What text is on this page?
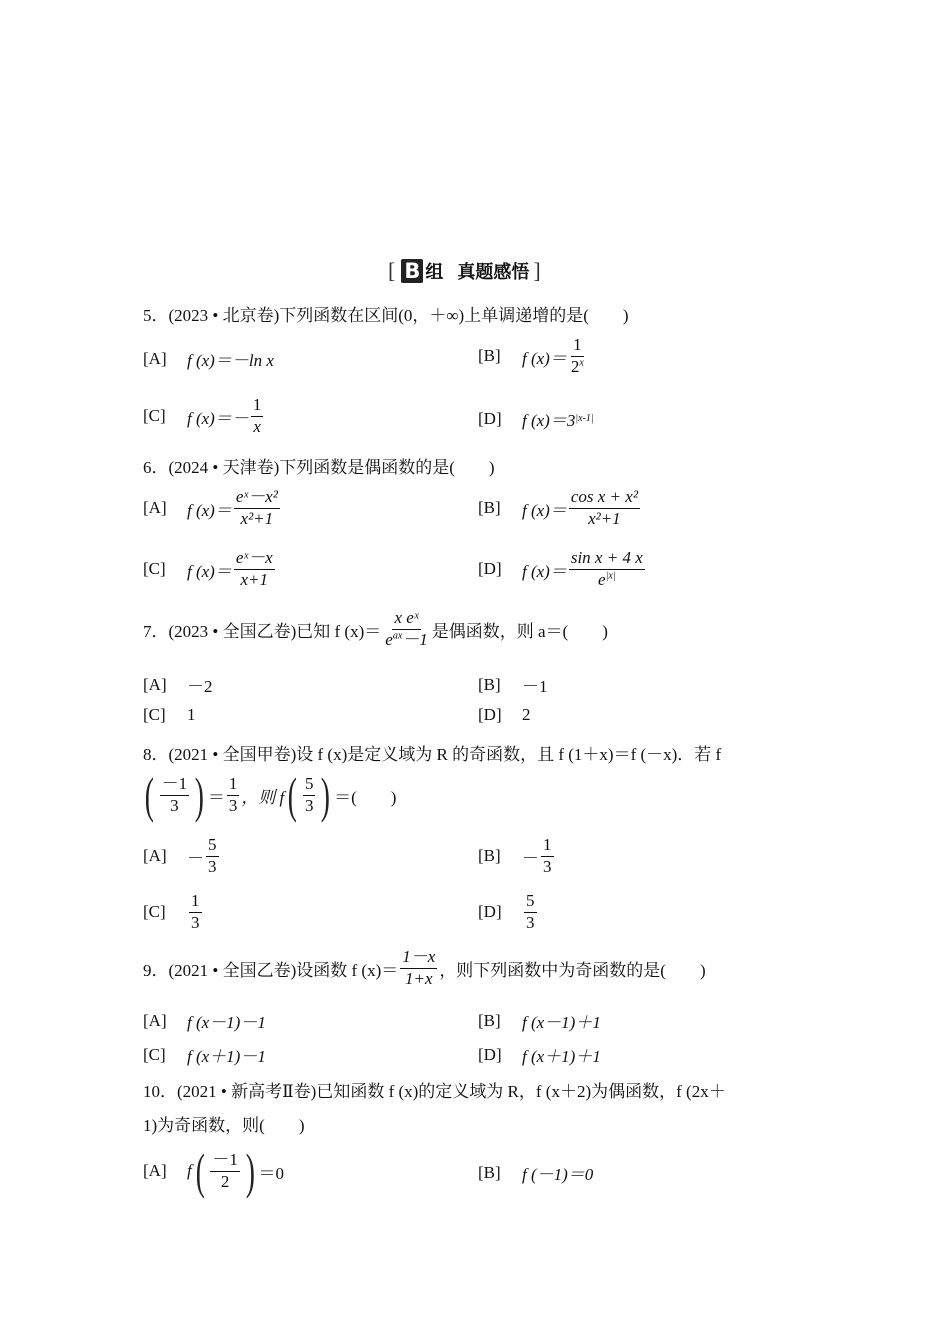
[ B 组 真题感悟 ]
5．(2023 • 北京卷)下列函数在区间(0，＋∞)上单调递增的是(　　)
[A]	f (x)＝－ln x	[B]	f $(x)= \frac{1}{2^x}$
[C]	f $(x)=- \frac{1}{x}$	[D]	f (x)＝3 |x-1|
6．(2024 • 天津卷)下列函数是偶函数的是(　　)
[A]	f $(x)= \frac{\text{eˣ－x²}}{\text{x²+1}}$	[B]	f $(x)= \frac{\text{cos x + x²}}{\text{x²+1}}$
[C]	f $(x)= \frac{\text{eˣ－x}}{x+1}$	[D]	f $(x)= \frac{\text{sin x + 4 x}}{e^{|x|}}$
7．(2023 • 全国乙卷)已知 f $(x)= \frac{\text{x eˣ}}{e^{ax}-1}$ 是偶函数，则 a＝(　　)
[A]	－2	[B]	－1
[C]	1	[D]	2
8．(2021 • 全国甲卷)设 f (x)是定义域为 R 的奇函数，且 f (1＋x)＝f (－x)．若 f
( $\frac{-1}{3}$ ) ＝ $\frac{1}{3}$ ，则 f ( $\frac{5}{3}$ ) ＝(　　)
[A]	－ $\frac{5}{3}$	[B]	－ $\frac{1}{3}$
[C]	$\frac{1}{3}$	[D]	$\frac{5}{3}$
9．(2021 • 全国乙卷)设函数 f $(x)= \frac{1-x}{1+x}$ ，则下列函数中为奇函数的是(　　)
[A]	f (x－1)－1	[B]	f (x－1)＋1
[C]	f (x＋1)－1	[D]	f (x＋1)＋1
10．(2021 • 新高考Ⅱ卷)已知函数 f (x)的定义域为 R，f (x＋2)为偶函数，f (2x＋
1)为奇函数，则(　　)
[A]	f ( $\frac{-1}{2}$ ) ＝0	[B]	f (－1)＝0
